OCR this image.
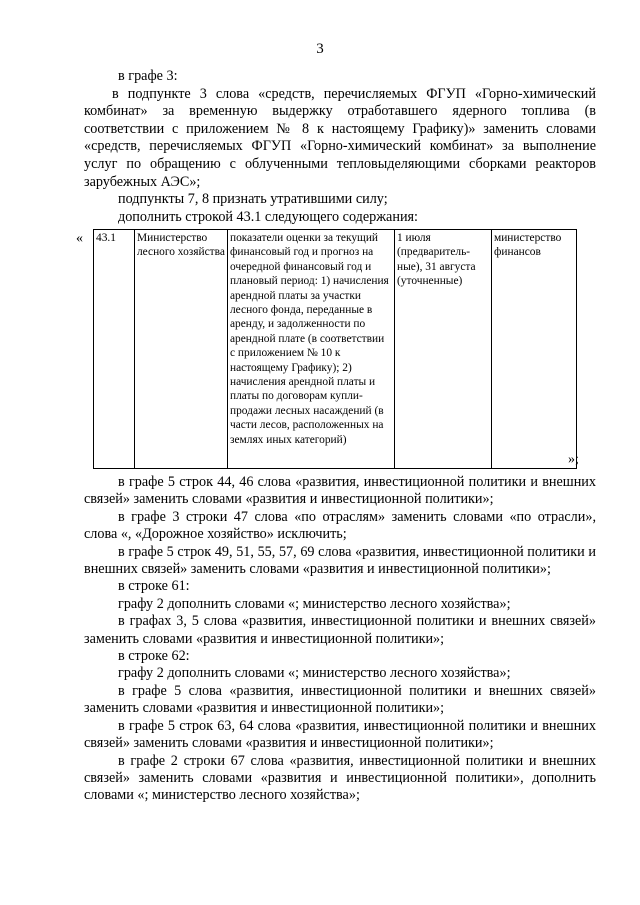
3

в графе 3:

в подпункте 3 слова «средств, перечисляемых ФГУП «Горно-химический комбинат» за временную выдержку отработавшего ядерного топлива (в соответствии с приложением № 8 к настоящему Графику)» заменить словами «средств, перечисляемых ФГУП «Горно-химический комбинат» за выполнение услуг по обращению с облученными тепловыделяющими сборками реакторов зарубежных АЭС»;

подпункты 7, 8 признать утратившими силу;

дополнить строкой 43.1 следующего содержания:

« 43.1	Министерство лесного хозяйства	показатели оценки за текущий финансовый год и прогноз на очередной финансовый год и плановый период: 1) начисления арендной платы за участки лесного фонда, переданные в аренду, и задолженности по арендной плате (в соответствии с приложением № 10 к настоящему Графику); 2) начисления арендной платы и платы по договорам купли-продажи лесных насаждений (в части лесов, расположенных на землях иных категорий)	1 июля (предваритель-ные), 31 августа (уточненные)	министерство финансов
»;

в графе 5 строк 44, 46 слова «развития, инвестиционной политики и внешних связей» заменить словами «развития и инвестиционной политики»;

в графе 3 строки 47 слова «по отраслям» заменить словами «по отрасли», слова «, «Дорожное хозяйство» исключить;

в графе 5 строк 49, 51, 55, 57, 69 слова «развития, инвестиционной политики и внешних связей» заменить словами «развития и инвестиционной политики»;

в строке 61:

графу 2 дополнить словами «; министерство лесного хозяйства»;

в графах 3, 5 слова «развития, инвестиционной политики и внешних связей» заменить словами «развития и инвестиционной политики»;

в строке 62:

графу 2 дополнить словами «; министерство лесного хозяйства»;

в графе 5 слова «развития, инвестиционной политики и внешних связей» заменить словами «развития и инвестиционной политики»;

в графе 5 строк 63, 64 слова «развития, инвестиционной политики и внешних связей» заменить словами «развития и инвестиционной политики»;

в графе 2 строки 67 слова «развития, инвестиционной политики и внешних связей» заменить словами «развития и инвестиционной политики», дополнить словами «; министерство лесного хозяйства»;
